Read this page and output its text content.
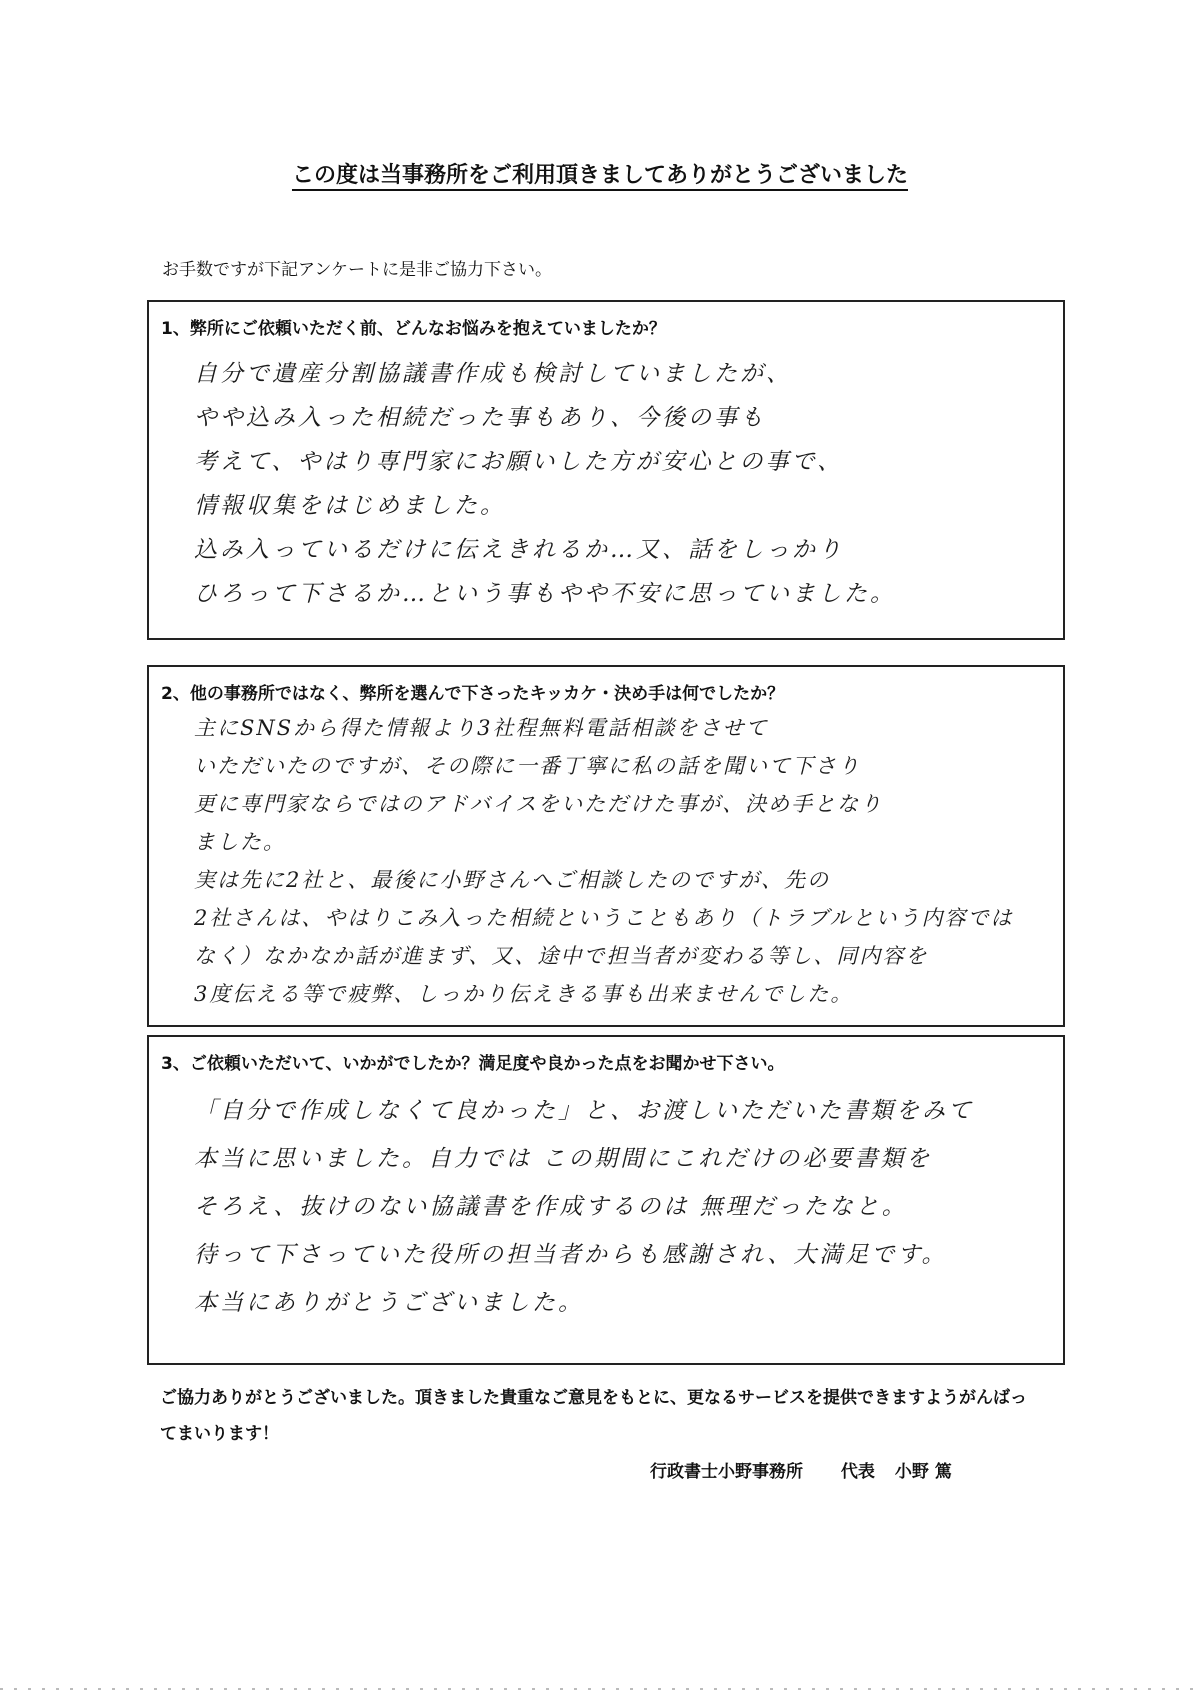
この度は当事務所をご利用頂きましてありがとうございました
お手数ですが下記アンケートに是非ご協力下さい。
1、弊所にご依頼いただく前、どんなお悩みを抱えていましたか？
自分で遺産分割協議書作成も検討していましたが、
やや込み入った相続だった事もあり、今後の事も
考えて、やはり専門家にお願いした方が安心との事で、
情報収集をはじめました。
込み入っているだけに伝えきれるか…又、話をしっかり
ひろって下さるか…という事もやや不安に思っていました。
2、他の事務所ではなく、弊所を選んで下さったキッカケ・決め手は何でしたか？
主にSNSから得た情報より3社程無料電話相談をさせて
いただいたのですが、その際に一番丁寧に私の話を聞いて下さり
更に専門家ならではのアドバイスをいただけた事が、決め手となり
ました。
実は先に2社と、最後に小野さんへご相談したのですが、先の
2社さんは、やはりこみ入った相続ということもあり（トラブルという内容では
なく）なかなか話が進まず、又、途中で担当者が変わる等し、同内容を
3度伝える等で疲弊、しっかり伝えきる事も出来ませんでした。
3、ご依頼いただいて、いかがでしたか？満足度や良かった点をお聞かせ下さい。
「自分で作成しなくて良かった」と、お渡しいただいた書類をみて
本当に思いました。自力では この期間にこれだけの必要書類を
そろえ、抜けのない協議書を作成するのは 無理だったなと。
待って下さっていた役所の担当者からも感謝され、大満足です。
本当にありがとうございました。
ご協力ありがとうございました。頂きました貴重なご意見をもとに、更なるサービスを提供できますようがんばってまいります！
行政書士小野事務所 代表 小野 篤
